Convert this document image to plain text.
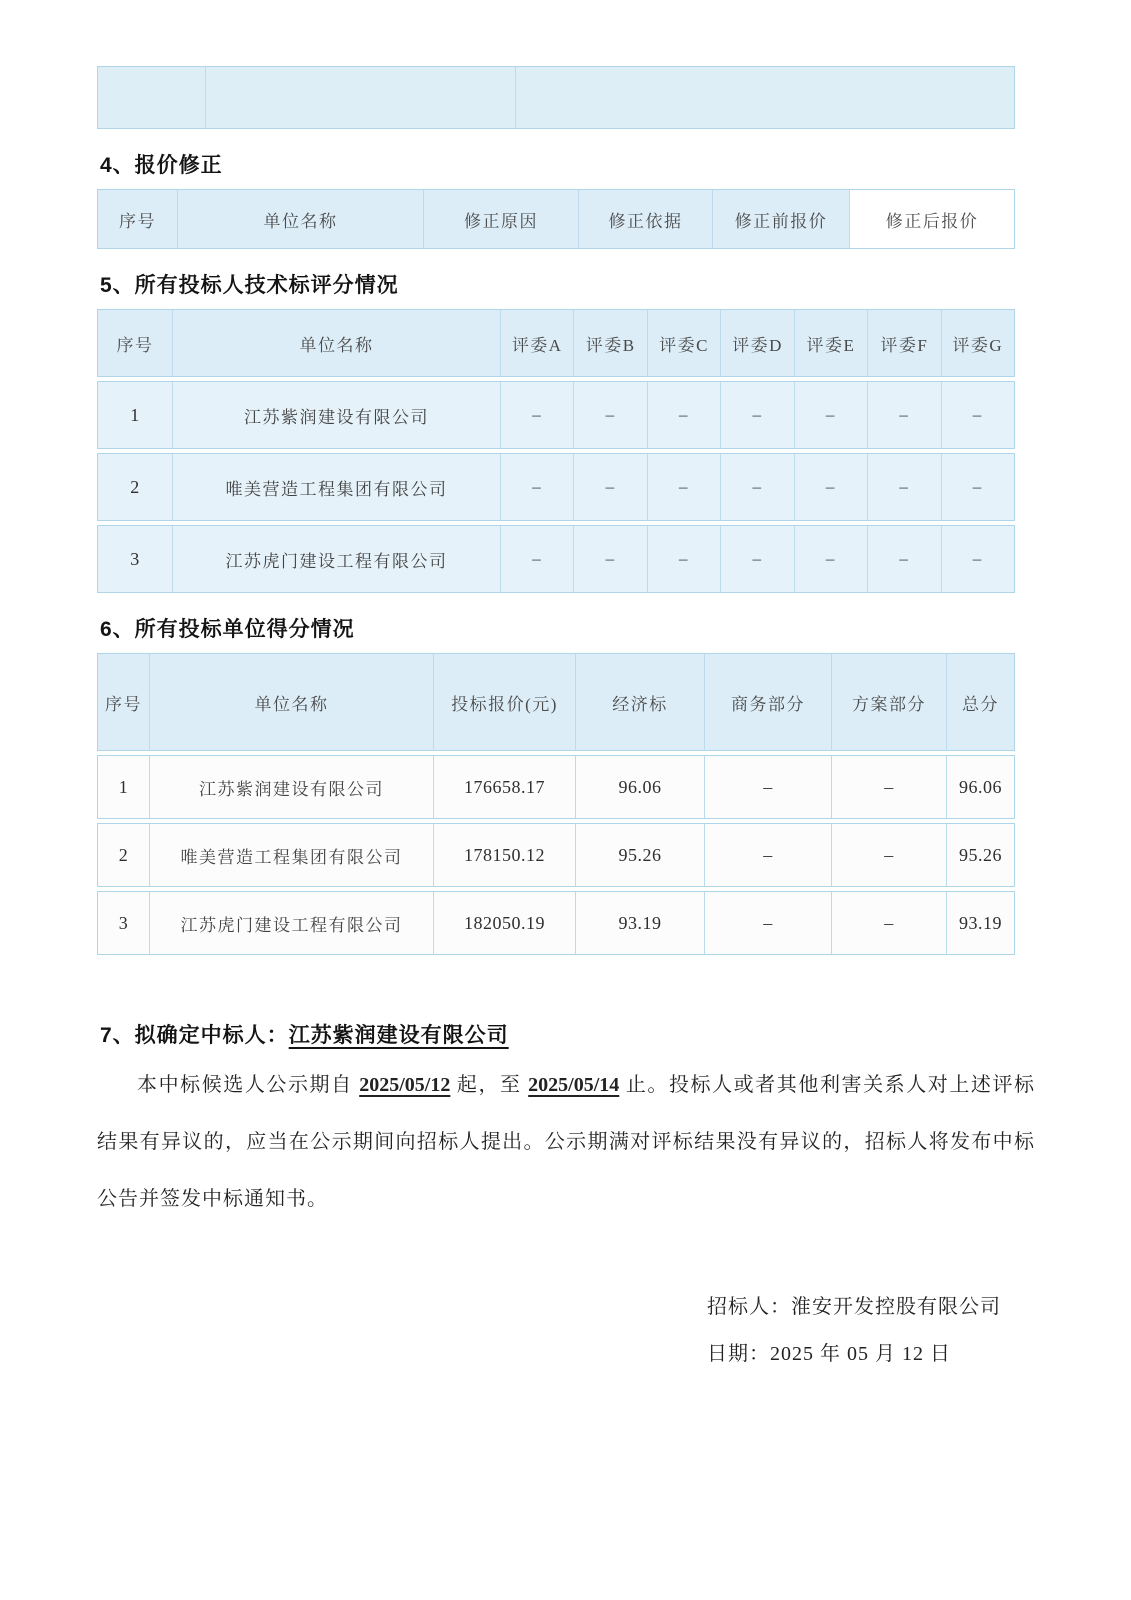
4、报价修正
序号	单位名称	修正原因	修正依据	修正前报价	修正后报价
5、所有投标人技术标评分情况
序号	单位名称	评委A	评委B	评委C	评委D	评委E	评委F	评委G
1	江苏紫润建设有限公司	–	–	–	–	–	–	–
2	唯美营造工程集团有限公司	–	–	–	–	–	–	–
3	江苏虎门建设工程有限公司	–	–	–	–	–	–	–
6、所有投标单位得分情况
序号	单位名称	投标报价(元)	经济标	商务部分	方案部分	总分
1	江苏紫润建设有限公司	176658.17	96.06	–	–	96.06
2	唯美营造工程集团有限公司	178150.12	95.26	–	–	95.26
3	江苏虎门建设工程有限公司	182050.19	93.19	–	–	93.19
7、拟确定中标人：江苏紫润建设有限公司
本中标候选人公示期自 2025/05/12 起，至 2025/05/14 止。投标人或者其他利害关系人对上述评标结果有异议的，应当在公示期间向招标人提出。公示期满对评标结果没有异议的，招标人将发布中标公告并签发中标通知书。
招标人：淮安开发控股有限公司
日期：2025 年 05 月 12 日
